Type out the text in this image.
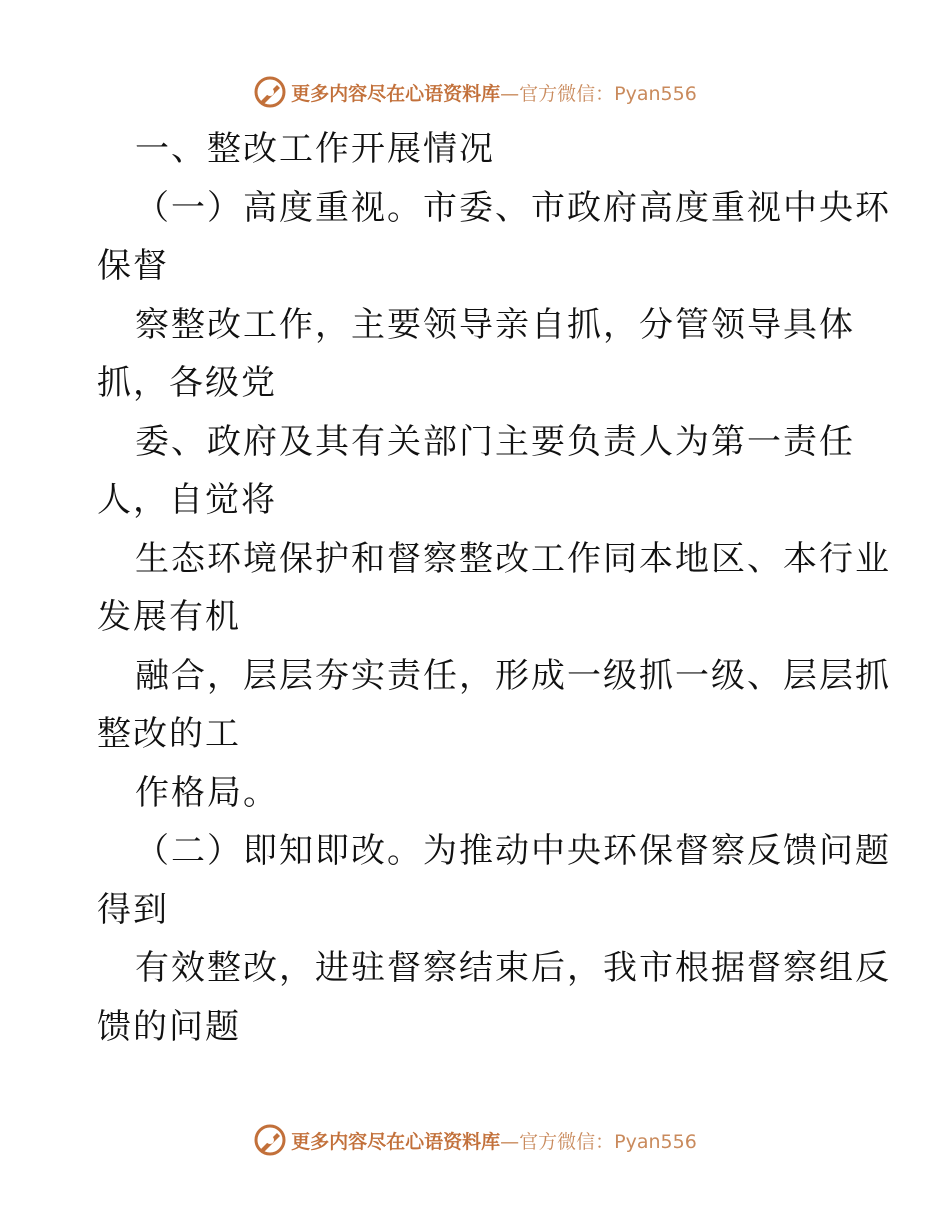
更多内容尽在心语资料库 —官方微信：Pyan556
一、整改工作开展情况
（一）高度重视。市委、市政府高度重视中央环
保督
察整改工作，主要领导亲自抓，分管领导具体
抓，各级党
委、政府及其有关部门主要负责人为第一责任
人，自觉将
生态环境保护和督察整改工作同本地区、本行业
发展有机
融合，层层夯实责任，形成一级抓一级、层层抓
整改的工
作格局。
（二）即知即改。为推动中央环保督察反馈问题
得到
有效整改，进驻督察结束后，我市根据督察组反
馈的问题
更多内容尽在心语资料库 —官方微信：Pyan556
